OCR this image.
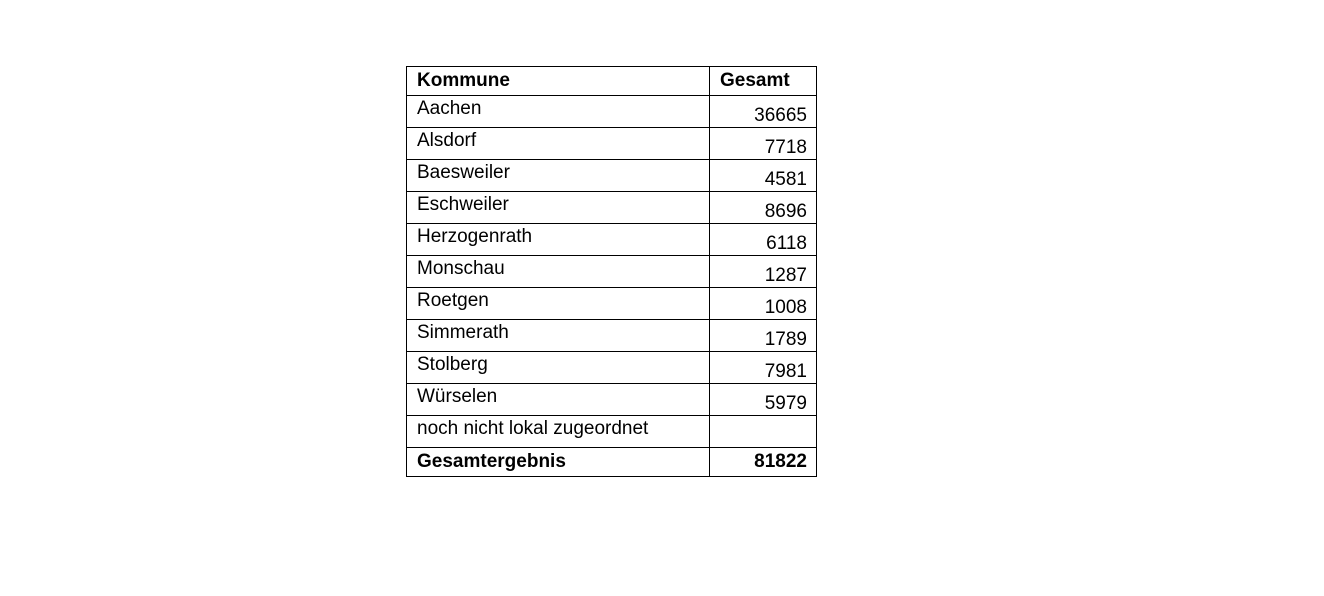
Kommune	Gesamt
Aachen	36665
Alsdorf	7718
Baesweiler	4581
Eschweiler	8696
Herzogenrath	6118
Monschau	1287
Roetgen	1008
Simmerath	1789
Stolberg	7981
Würselen	5979
noch nicht lokal zugeordnet	
Gesamtergebnis	81822
